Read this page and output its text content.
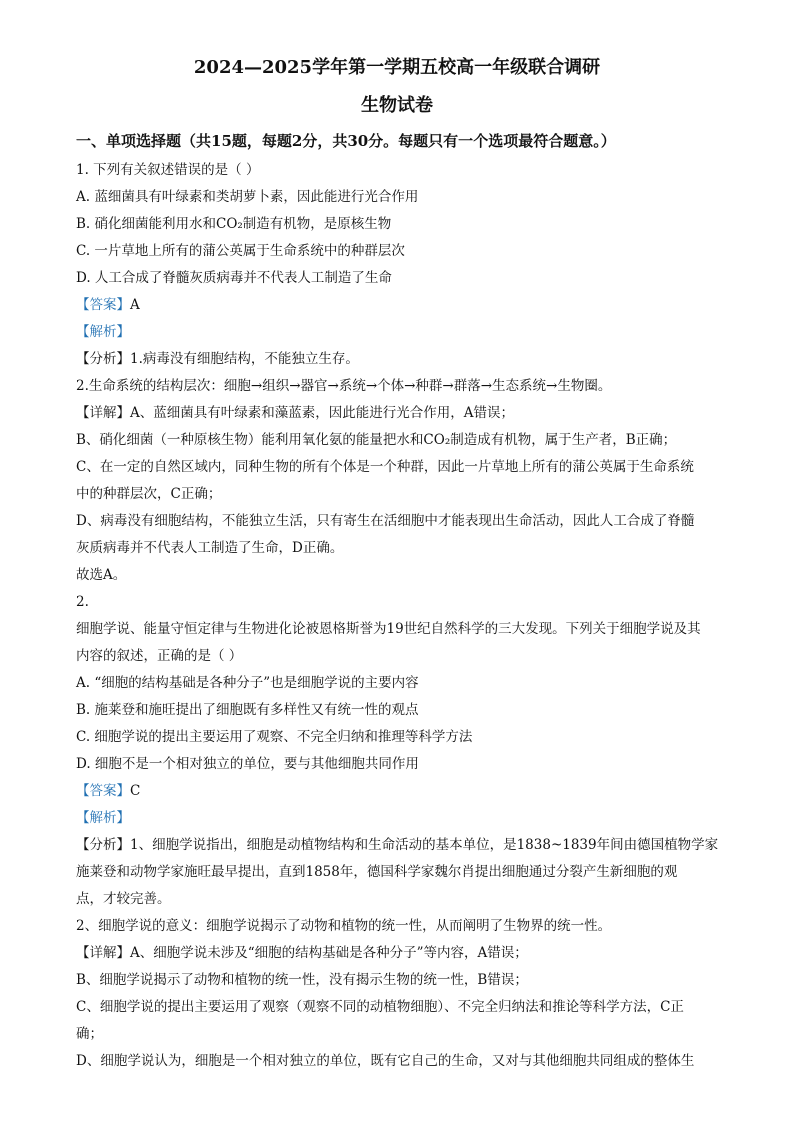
2024—2025学年第一学期五校高一年级联合调研

生物试卷

一、单项选择题（共15题，每题2分，共30分。每题只有一个选项最符合题意。）

1. 下列有关叙述错误的是（ ）

A. 蓝细菌具有叶绿素和类胡萝卜素，因此能进行光合作用

B. 硝化细菌能利用水和CO₂制造有机物，是原核生物

C. 一片草地上所有的蒲公英属于生命系统中的种群层次

D. 人工合成了脊髓灰质病毒并不代表人工制造了生命

【答案】A

【解析】

【分析】1.病毒没有细胞结构，不能独立生存。

2.生命系统的结构层次：细胞→组织→器官→系统→个体→种群→群落→生态系统→生物圈。

【详解】A、蓝细菌具有叶绿素和藻蓝素，因此能进行光合作用，A错误；

B、硝化细菌（一种原核生物）能利用氧化氨的能量把水和CO₂制造成有机物，属于生产者，B正确；

C、在一定的自然区域内，同种生物的所有个体是一个种群，因此一片草地上所有的蒲公英属于生命系统

中的种群层次，C正确；

D、病毒没有细胞结构，不能独立生活，只有寄生在活细胞中才能表现出生命活动，因此人工合成了脊髓

灰质病毒并不代表人工制造了生命，D正确。

故选A。

2.

细胞学说、能量守恒定律与生物进化论被恩格斯誉为19世纪自然科学的三大发现。下列关于细胞学说及其

内容的叙述，正确的是（ ）

A. “细胞的结构基础是各种分子”也是细胞学说的主要内容

B. 施莱登和施旺提出了细胞既有多样性又有统一性的观点

C. 细胞学说的提出主要运用了观察、不完全归纳和推理等科学方法

D. 细胞不是一个相对独立的单位，要与其他细胞共同作用

【答案】C

【解析】

【分析】1、细胞学说指出，细胞是动植物结构和生命活动的基本单位，是1838~1839年间由德国植物学家

施莱登和动物学家施旺最早提出，直到1858年，德国科学家魏尔肖提出细胞通过分裂产生新细胞的观

点，才较完善。

2、细胞学说的意义：细胞学说揭示了动物和植物的统一性，从而阐明了生物界的统一性。

【详解】A、细胞学说未涉及“细胞的结构基础是各种分子”等内容，A错误；

B、细胞学说揭示了动物和植物的统一性，没有揭示生物的统一性，B错误；

C、细胞学说的提出主要运用了观察（观察不同的动植物细胞）、不完全归纳法和推论等科学方法，C正

确；

D、细胞学说认为，细胞是一个相对独立的单位，既有它自己的生命，又对与其他细胞共同组成的整体生
